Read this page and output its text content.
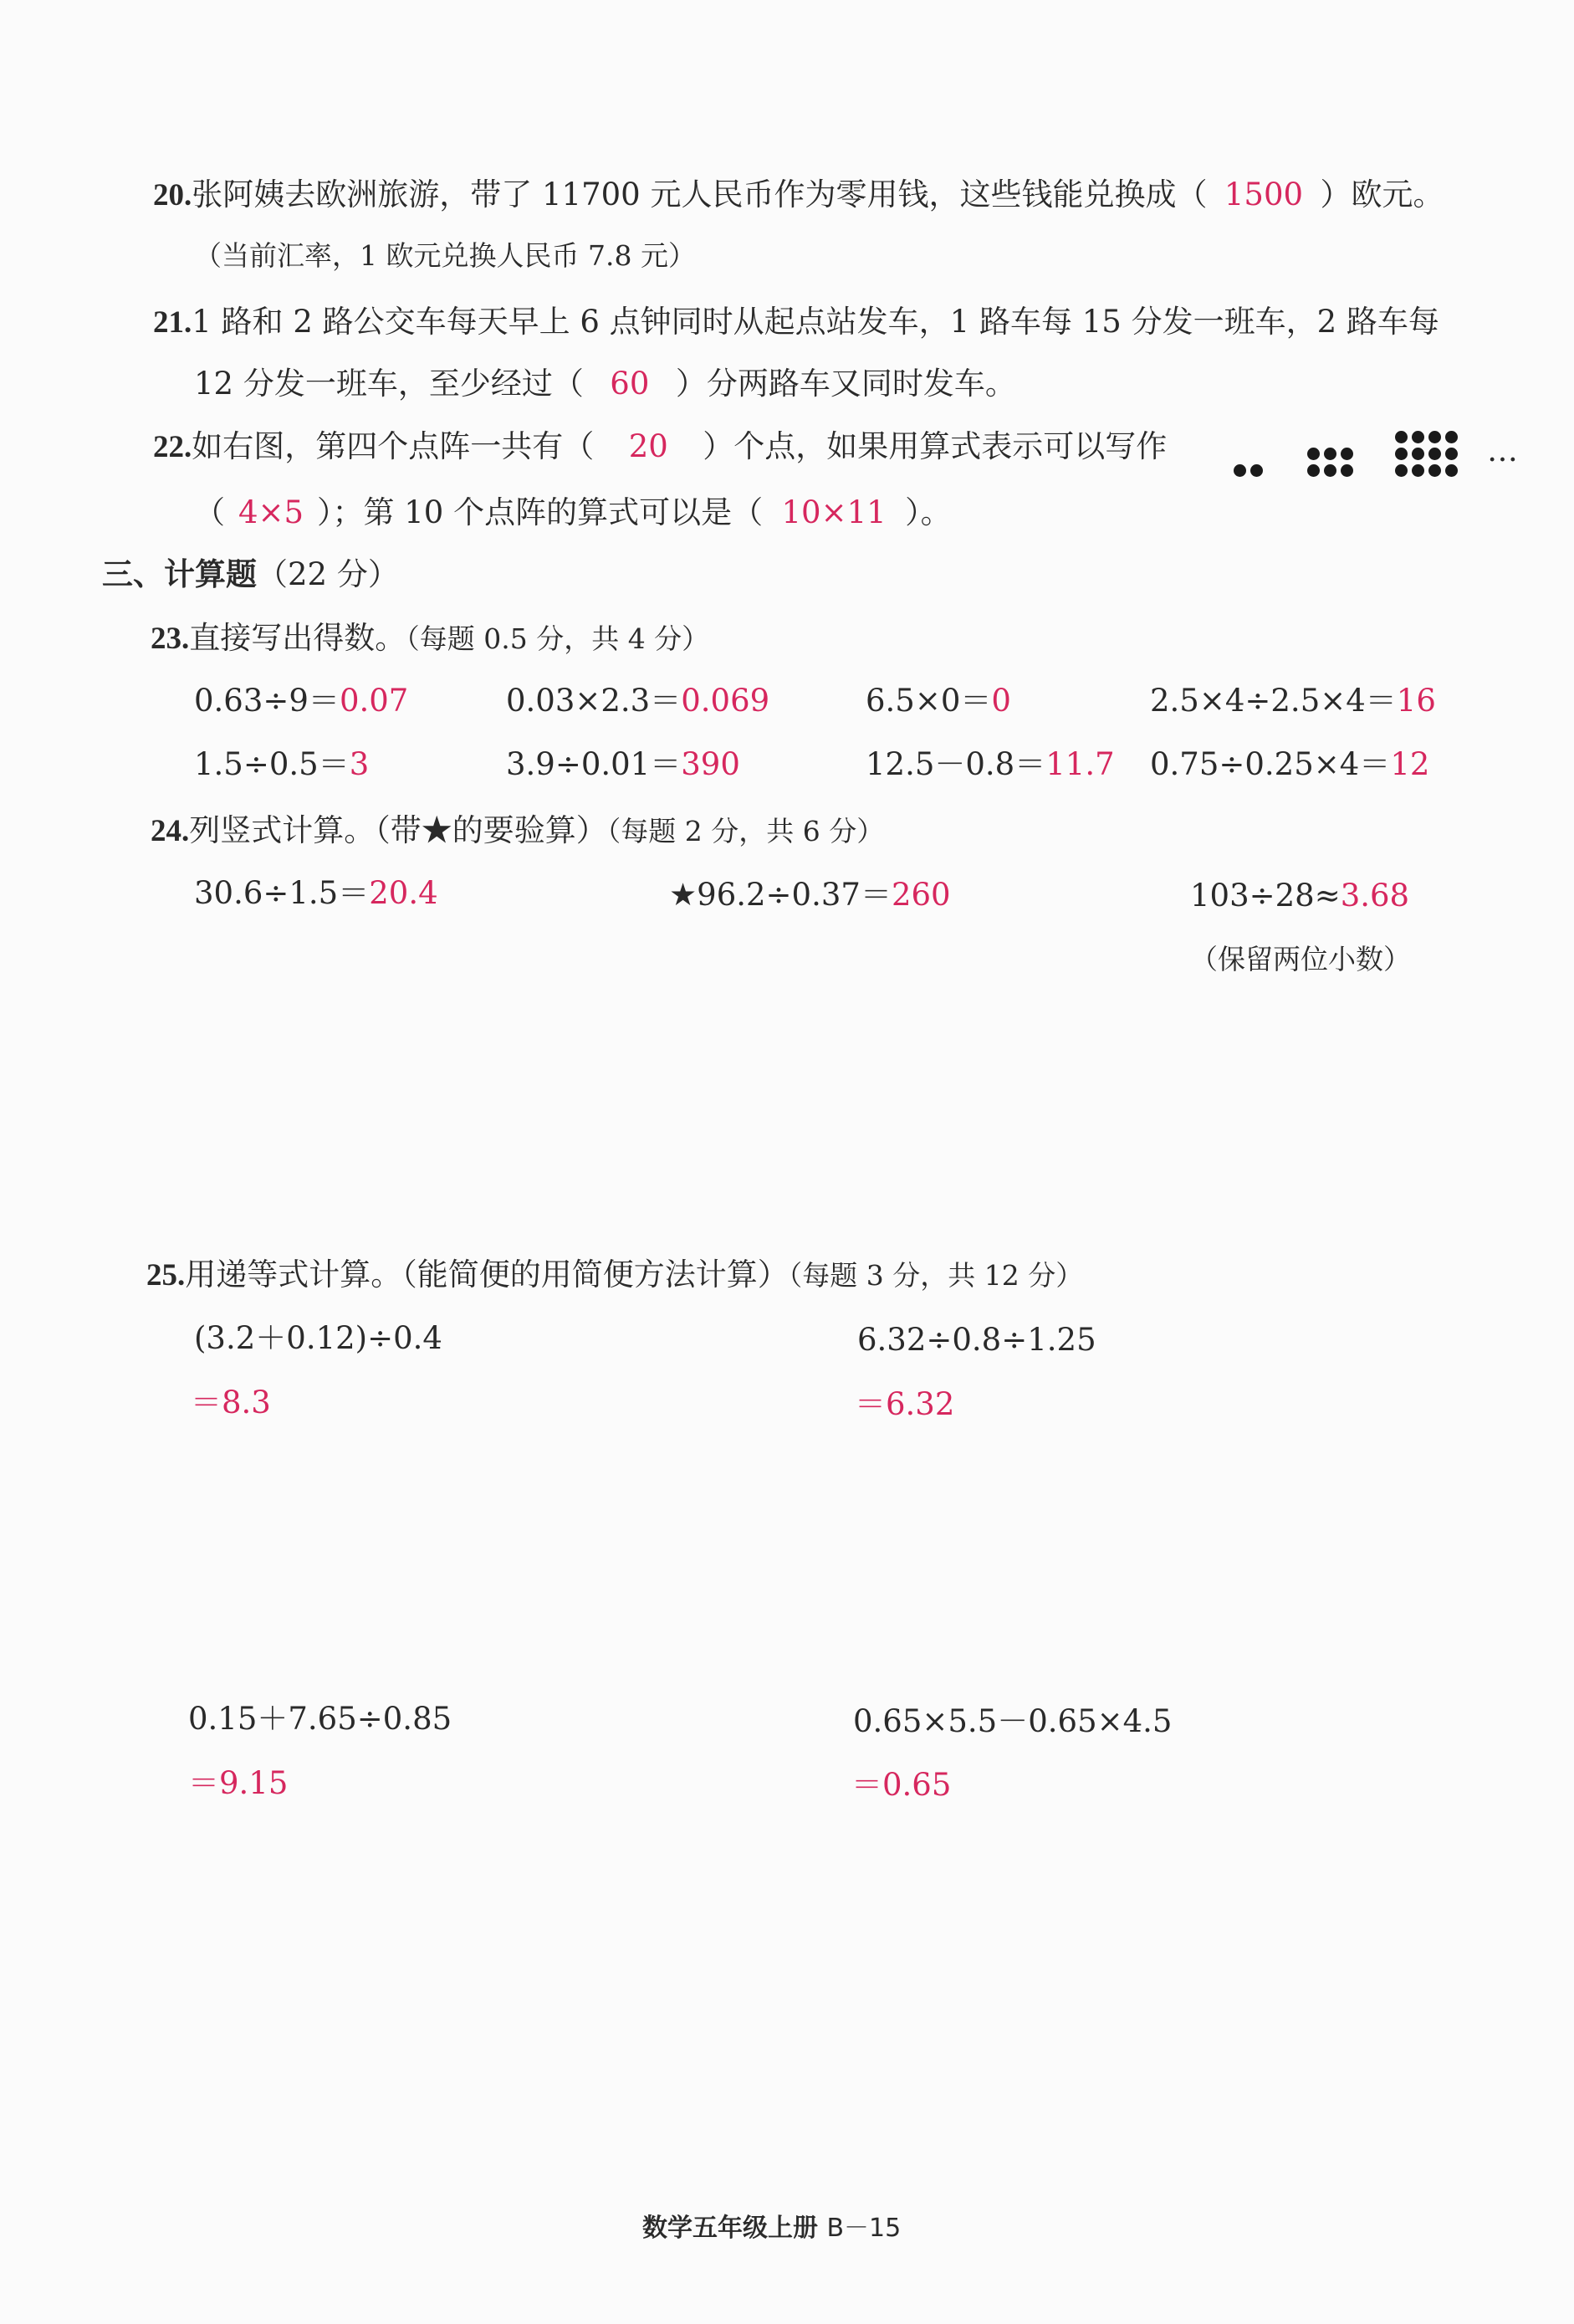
20.张阿姨去欧洲旅游，带了 11700 元人民币作为零用钱，这些钱能兑换成（ 1500 ）欧元。
（当前汇率，1 欧元兑换人民币 7.8 元）
21.1 路和 2 路公交车每天早上 6 点钟同时从起点站发车，1 路车每 15 分发一班车，2 路车每
12 分发一班车，至少经过（ 60 ）分两路车又同时发车。
22.如右图，第四个点阵一共有（ 20 ）个点，如果用算式表示可以写作
（ 4×5 ）；第 10 个点阵的算式可以是（ 10×11 ）。
…
三、计算题（22 分）
23.直接写出得数。（每题 0.5 分，共 4 分）
0.63÷9＝0.07	0.03×2.3＝0.069	6.5×0＝0	2.5×4÷2.5×4＝16
1.5÷0.5＝3	3.9÷0.01＝390	12.5－0.8＝11.7 0.75÷0.25×4＝12
24.列竖式计算。（带★的要验算）（每题 2 分，共 6 分）
30.6÷1.5＝20.4	★96.2÷0.37＝260	103÷28≈3.68
（保留两位小数）
25.用递等式计算。（能简便的用简便方法计算）（每题 3 分，共 12 分）
(3.2＋0.12)÷0.4
＝8.3
6.32÷0.8÷1.25
＝6.32
0.15＋7.65÷0.85
＝9.15
0.65×5.5－0.65×4.5
＝0.65
数学五年级上册 B－15
